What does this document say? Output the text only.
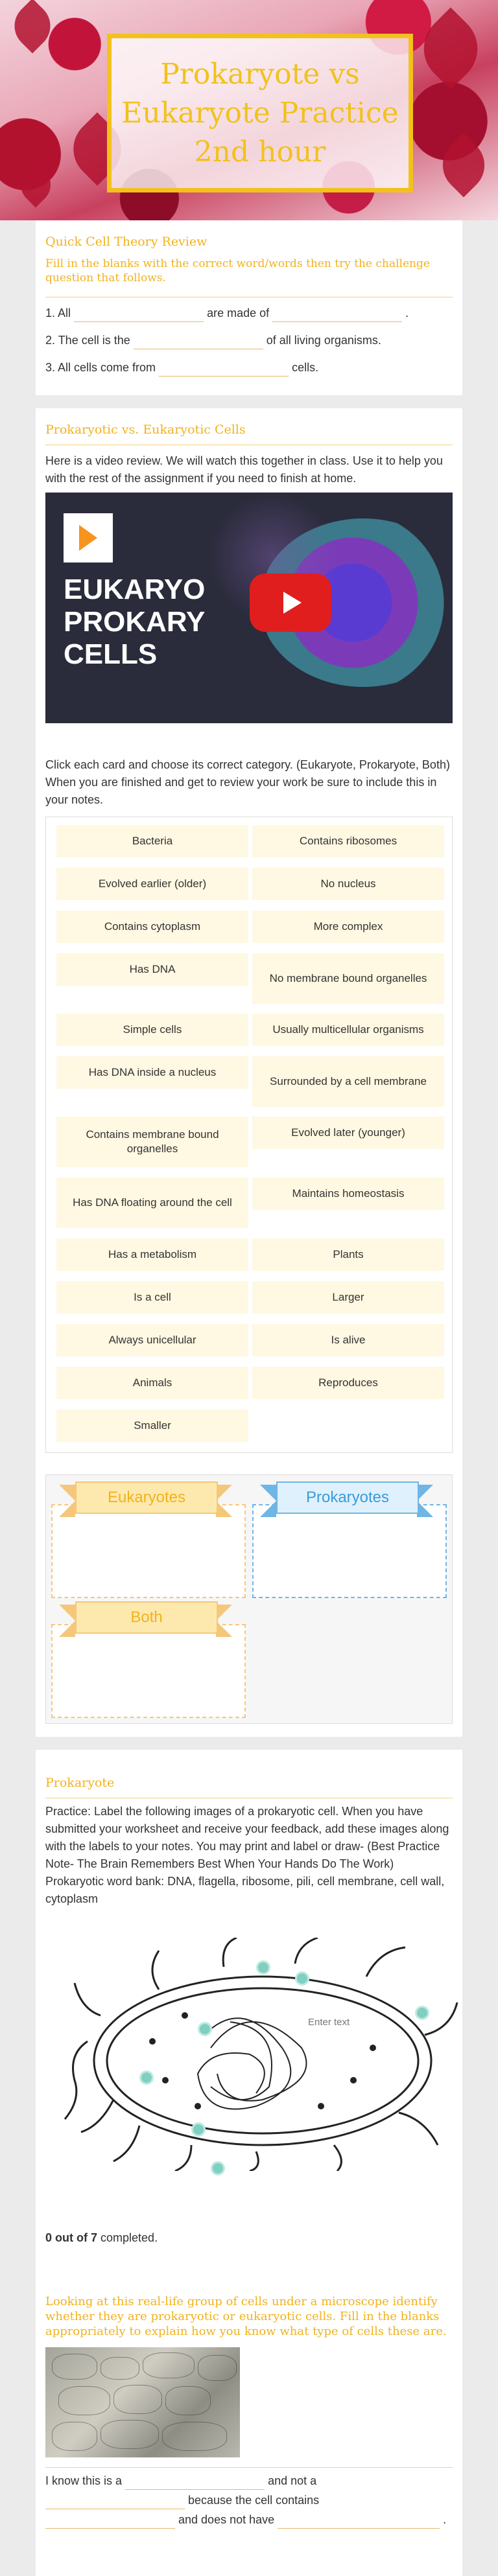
Prokaryote vs
Eukaryote Practice
2nd hour
Quick Cell Theory Review
Fill in the blanks with the correct word/words then try the challenge question that follows.
1. All	are made of	.
2. The cell is the	of all living organisms.
3. All cells come from	cells.
Prokaryotic vs. Eukaryotic Cells
Here is a video review. We will watch this together in class. Use it to help you with the rest of the assignment if you need to finish at home.
EUKARYO
PROKARY
CELLS
Click each card and choose its correct category. (Eukaryote, Prokaryote, Both) When you are finished and get to review your work be sure to include this in your notes.
Bacteria
Evolved earlier (older)
Contains cytoplasm
Has DNA
Simple cells
Has DNA inside a nucleus
Contains membrane bound organelles
Has DNA floating around the cell
Has a metabolism
Is a cell
Always unicellular
Animals
Smaller
Contains ribosomes
No nucleus
More complex
No membrane bound organelles
Usually multicellular organisms
Surrounded by a cell membrane
Evolved later (younger)
Maintains homeostasis
Plants
Larger
Is alive
Reproduces
Eukaryotes	Prokaryotes
Both
Prokaryote
Practice: Label the following images of a prokaryotic cell. When you have submitted your worksheet and receive your feedback, add these images along with the labels to your notes. You may print and label or draw- (Best Practice Note- The Brain Remembers Best When Your Hands Do The Work)
Prokaryotic word bank: DNA, flagella, ribosome, pili, cell membrane, cell wall, cytoplasm
Enter text
0 out of 7 completed.
Looking at this real-life group of cells under a microscope identify whether they are prokaryotic or eukaryotic cells. Fill in the blanks appropriately to explain how you know what type of cells these are.
I know this is a	and not a
because the cell contains
and does not have	.
